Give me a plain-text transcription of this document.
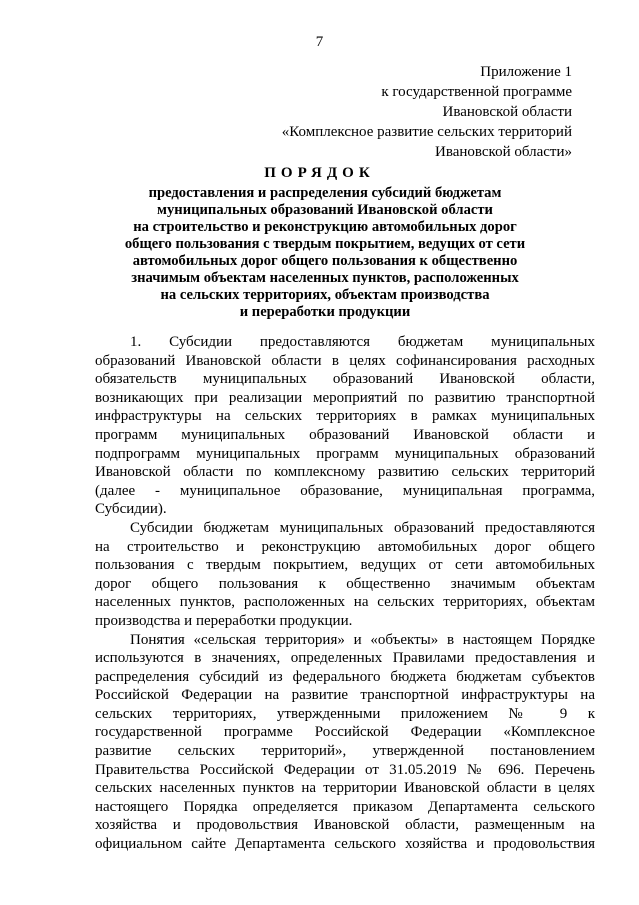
7
Приложение 1
к государственной программе
Ивановской области
«Комплексное развитие сельских территорий
Ивановской области»
ПОРЯДОК
предоставления и распределения субсидий бюджетам
муниципальных образований Ивановской области
на строительство и реконструкцию автомобильных дорог
общего пользования с твердым покрытием, ведущих от сети
автомобильных дорог общего пользования к общественно
значимым объектам населенных пунктов, расположенных
на сельских территориях, объектам производства
и переработки продукции
1. Субсидии предоставляются бюджетам муниципальных
образований Ивановской области в целях софинансирования расходных
обязательств муниципальных образований Ивановской области,
возникающих при реализации мероприятий по развитию транспортной
инфраструктуры на сельских территориях в рамках муниципальных
программ муниципальных образований Ивановской области и
подпрограмм муниципальных программ муниципальных образований
Ивановской области по комплексному развитию сельских территорий
(далее - муниципальное образование, муниципальная программа,
Субсидии).
Субсидии бюджетам муниципальных образований предоставляются
на строительство и реконструкцию автомобильных дорог общего
пользования с твердым покрытием, ведущих от сети автомобильных
дорог общего пользования к общественно значимым объектам
населенных пунктов, расположенных на сельских территориях, объектам
производства и переработки продукции.
Понятия «сельская территория» и «объекты» в настоящем Порядке
используются в значениях, определенных Правилами предоставления и
распределения субсидий из федерального бюджета бюджетам субъектов
Российской Федерации на развитие транспортной инфраструктуры на
сельских территориях, утвержденными приложением № 9 к
государственной программе Российской Федерации «Комплексное
развитие сельских территорий», утвержденной постановлением
Правительства Российской Федерации от 31.05.2019 № 696. Перечень
сельских населенных пунктов на территории Ивановской области в целях
настоящего Порядка определяется приказом Департамента сельского
хозяйства и продовольствия Ивановской области, размещенным на
официальном сайте Департамента сельского хозяйства и продовольствия
